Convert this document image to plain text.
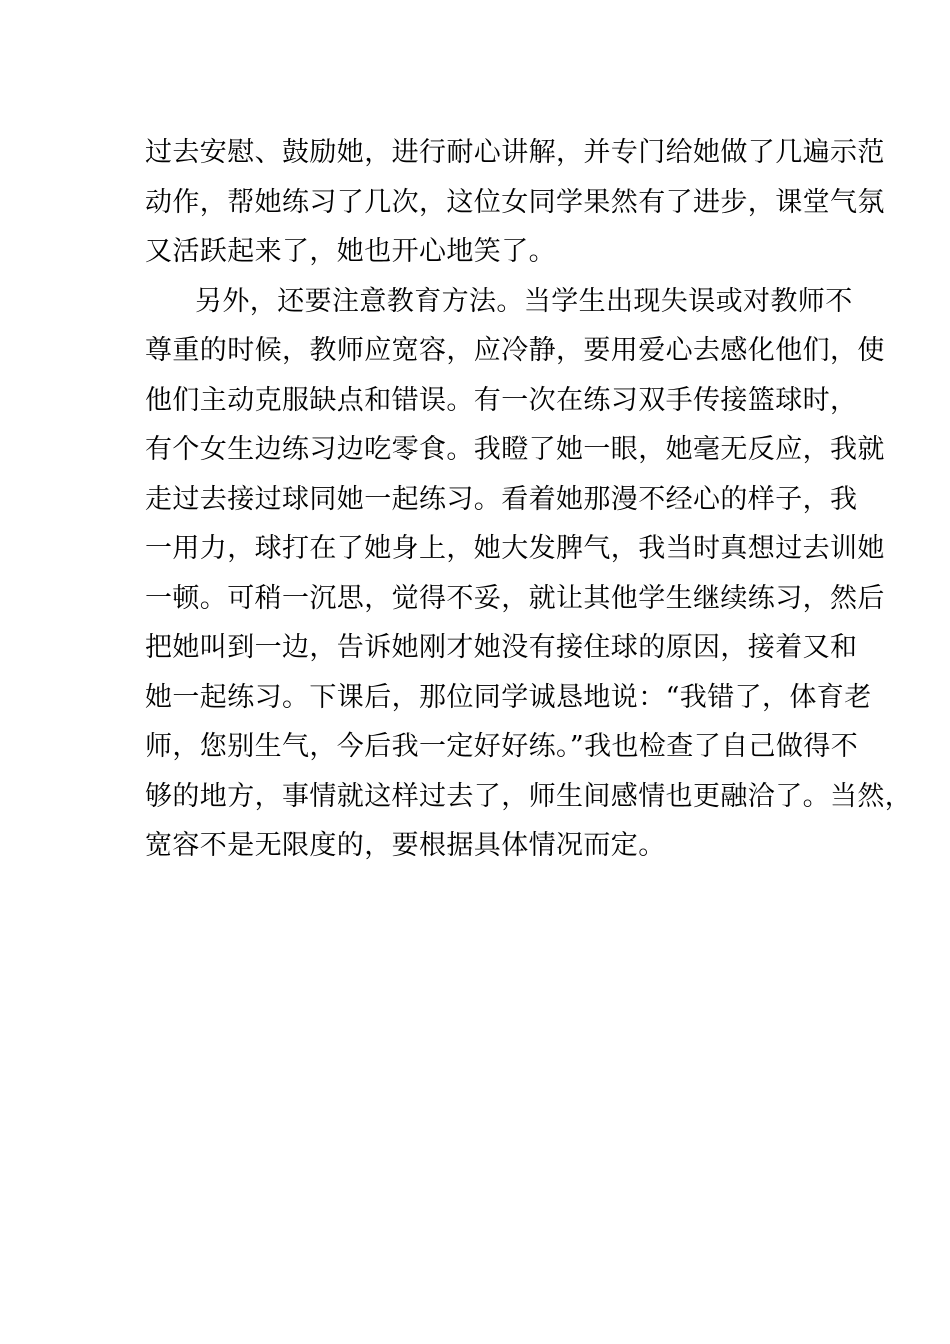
过去安慰、鼓励她，进行耐心讲解，并专门给她做了几遍示范
动作，帮她练习了几次，这位女同学果然有了进步，课堂气氛
又活跃起来了，她也开心地笑了。
另外，还要注意教育方法。当学生出现失误或对教师不
尊重的时候，教师应宽容，应冷静，要用爱心去感化他们，使
他们主动克服缺点和错误。有一次在练习双手传接篮球时，
有个女生边练习边吃零食。我瞪了她一眼，她毫无反应，我就
走过去接过球同她一起练习。看着她那漫不经心的样子，我
一用力，球打在了她身上，她大发脾气，我当时真想过去训她
一顿。可稍一沉思，觉得不妥，就让其他学生继续练习，然后
把她叫到一边，告诉她刚才她没有接住球的原因，接着又和
她一起练习。下课后，那位同学诚恳地说：“我错了，体育老
师，您别生气，今后我一定好好练。”我也检查了自己做得不
够的地方，事情就这样过去了，师生间感情也更融洽了。当然，
宽容不是无限度的，要根据具体情况而定。
